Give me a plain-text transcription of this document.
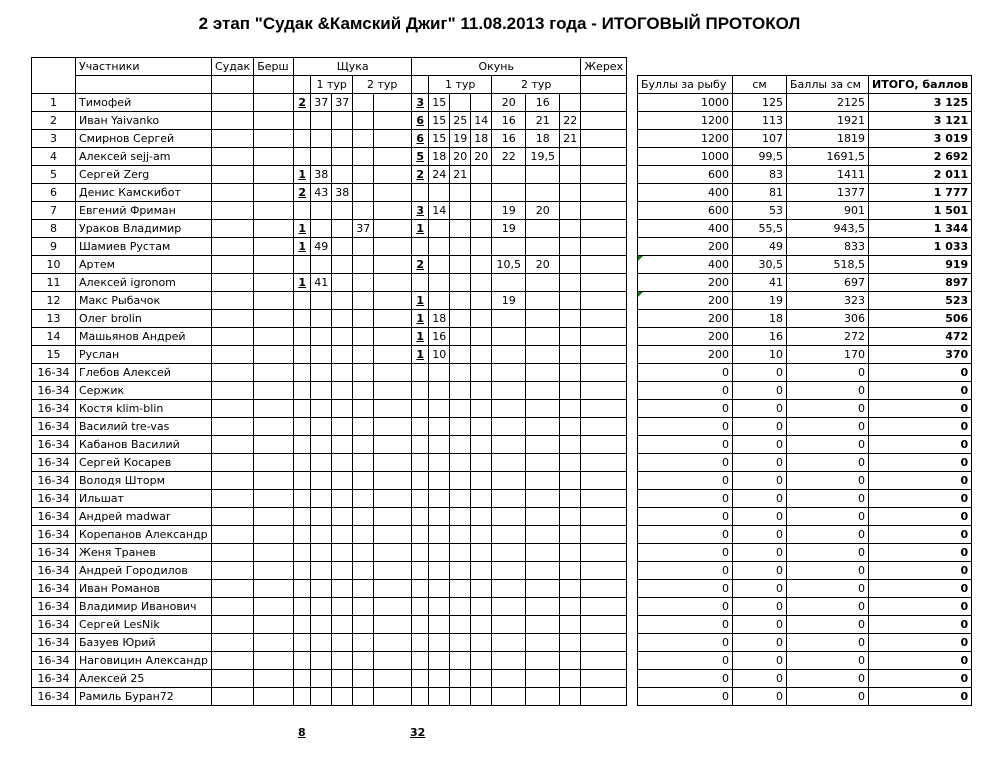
2 этап "Судак &Камский Джиг" 11.08.2013 года - ИТОГОВЫЙ ПРОТОКОЛ
	Участники	Судак	Берш	Щука					Окунь							Жерех
					1 тур		2 тур			1 тур			2 тур			
1	Тимофей			2	37	37			3	15			20	16		
2	Иван Yaivanko								6	15	25	14	16	21	22	
3	Смирнов Сергей								6	15	19	18	16	18	21	
4	Алексей sejj-am								5	18	20	20	22	19,5		
5	Сергей Zerg			1	38				2	24	21					
6	Денис Камскибот			2	43	38										
7	Евгений Фриман								3	14			19	20		
8	Ураков Владимир			1			37		1				19			
9	Шамиев Рустам			1	49											
10	Артем								2				10,5	20		
11	Алексей igronom			1	41											
12	Макс Рыбачок								1				19			
13	Олег brolin								1	18						
14	Машьянов Андрей								1	16						
15	Руслан								1	10						
16-34	Глебов Алексей															
16-34	Сержик															
16-34	Костя klim-blin															
16-34	Василий tre-vas															
16-34	Кабанов Василий															
16-34	Сергей Косарев															
16-34	Володя Шторм															
16-34	Ильшат															
16-34	Андрей madwar															
16-34	Корепанов Александр															
16-34	Женя Транев															
16-34	Андрей Городилов															
16-34	Иван Романов															
16-34	Владимир Иванович															
16-34	Сергей LesNik															
16-34	Базуев Юрий															
16-34	Наговицин Александр															
16-34	Алексей 25															
16-34	Рамиль Буран72															
Бyллы за рыбу	см	Баллы за см	ИТОГО, баллов
1000	125	2125	3 125
1200	113	1921	3 121
1200	107	1819	3 019
1000	99,5	1691,5	2 692
600	83	1411	2 011
400	81	1377	1 777
600	53	901	1 501
400	55,5	943,5	1 344
200	49	833	1 033
400	30,5	518,5	919
200	41	697	897
200	19	323	523
200	18	306	506
200	16	272	472
200	10	170	370
0	0	0	0
0	0	0	0
0	0	0	0
0	0	0	0
0	0	0	0
0	0	0	0
0	0	0	0
0	0	0	0
0	0	0	0
0	0	0	0
0	0	0	0
0	0	0	0
0	0	0	0
0	0	0	0
0	0	0	0
0	0	0	0
0	0	0	0
0	0	0	0
0	0	0	0
8	32
